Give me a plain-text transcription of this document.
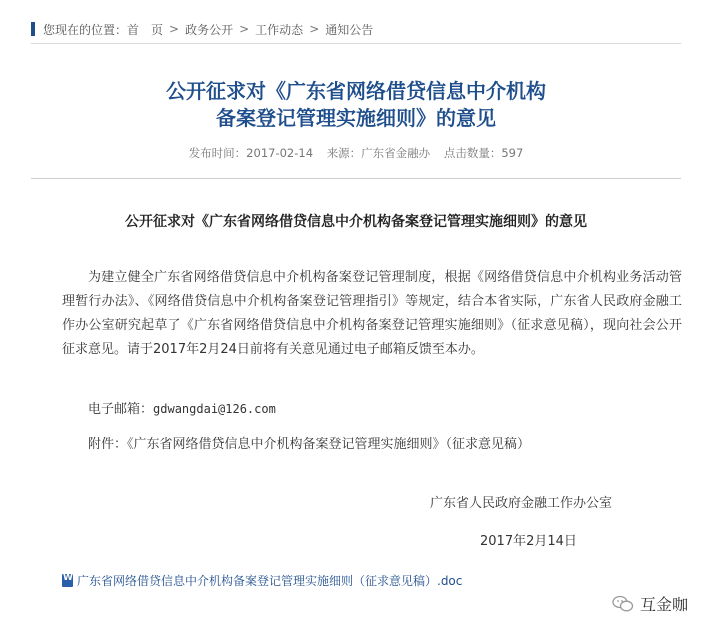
您现在的位置： 首　页 > 政务公开 > 工作动态 > 通知公告
公开征求对《广东省网络借贷信息中介机构
备案登记管理实施细则》的意见
发布时间：2017-02-14 来源：广东省金融办 点击数量：597
公开征求对《广东省网络借贷信息中介机构备案登记管理实施细则》的意见
为建立健全广东省网络借贷信息中介机构备案登记管理制度，根据《网络借贷信息中介机构业务活动管理暂行办法》、《网络借贷信息中介机构备案登记管理指引》等规定，结合本省实际，广东省人民政府金融工作办公室研究起草了《广东省网络借贷信息中介机构备案登记管理实施细则》（征求意见稿），现向社会公开征求意见。请于2017年2月24日前将有关意见通过电子邮箱反馈至本办。
电子邮箱：gdwangdai@126.com
附件：《广东省网络借贷信息中介机构备案登记管理实施细则》（征求意见稿）
广东省人民政府金融工作办公室
2017年2月14日
W
广东省网络借贷信息中介机构备案登记管理实施细则（征求意见稿）.doc
互金咖
